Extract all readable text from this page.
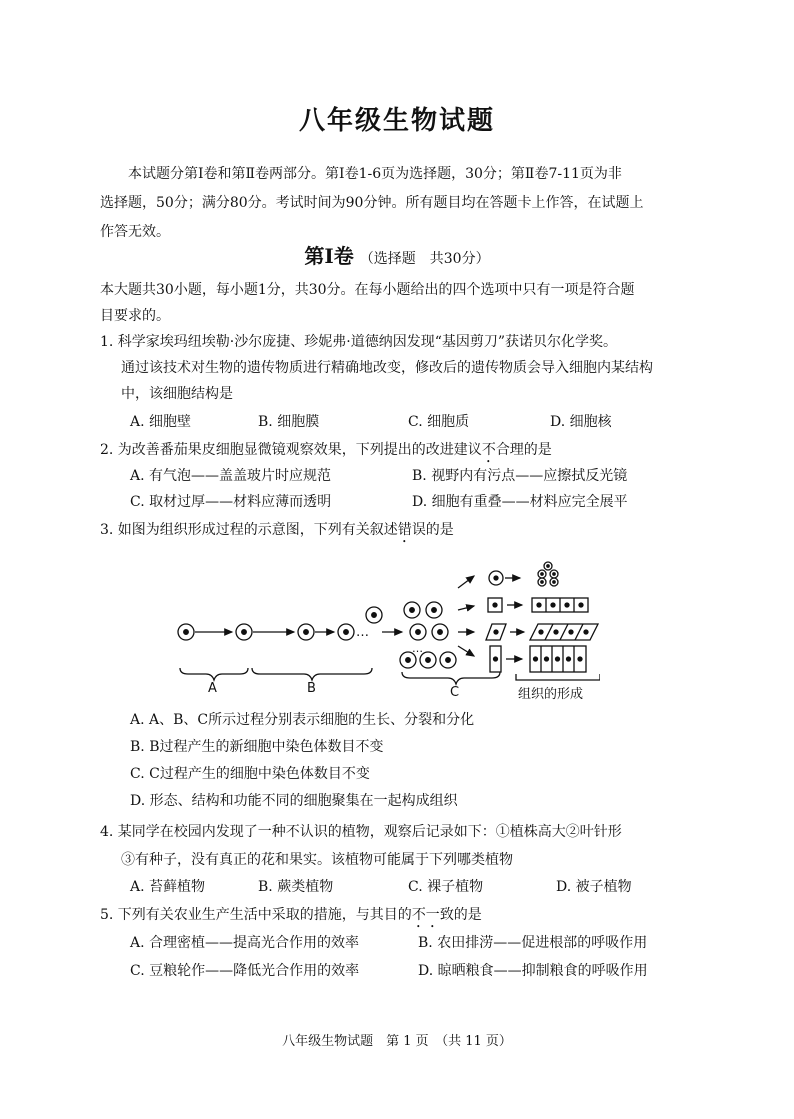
八年级生物试题
本试题分第Ⅰ卷和第Ⅱ卷两部分。第Ⅰ卷1-6页为选择题，30分；第Ⅱ卷7-11页为非
选择题，50分；满分80分。考试时间为90分钟。所有题目均在答题卡上作答，在试题上
作答无效。
第Ⅰ卷 （选择题　共30分）
本大题共30小题，每小题1分，共30分。在每小题给出的四个选项中只有一项是符合题
目要求的。
1. 科学家埃玛纽埃勒·沙尔庞捷、珍妮弗·道德纳因发现“基因剪刀”获诺贝尔化学奖。
通过该技术对生物的遗传物质进行精确地改变，修改后的遗传物质会导入细胞内某结构
中，该细胞结构是
A. 细胞壁	B. 细胞膜	C. 细胞质	D. 细胞核
2. 为改善番茄果皮细胞显微镜观察效果，下列提出的改进建议不合理的是
A. 有气泡——盖盖玻片时应规范	B. 视野内有污点——应擦拭反光镜
C. 取材过厚——材料应薄而透明	D. 细胞有重叠——材料应完全展平
3. 如图为组织形成过程的示意图，下列有关叙述错误的是
…
…
A	B	C	组织的形成
A. A、B、C所示过程分别表示细胞的生长、分裂和分化
B. B过程产生的新细胞中染色体数目不变
C. C过程产生的细胞中染色体数目不变
D. 形态、结构和功能不同的细胞聚集在一起构成组织
4. 某同学在校园内发现了一种不认识的植物，观察后记录如下：①植株高大②叶针形
③有种子，没有真正的花和果实。该植物可能属于下列哪类植物
A. 苔藓植物	B. 蕨类植物	C. 裸子植物	D. 被子植物
5. 下列有关农业生产生活中采取的措施，与其目的不一致的是
A. 合理密植——提高光合作用的效率	B. 农田排涝——促进根部的呼吸作用
C. 豆粮轮作——降低光合作用的效率	D. 晾晒粮食——抑制粮食的呼吸作用
八年级生物试题　第 1 页　（共 11 页）
